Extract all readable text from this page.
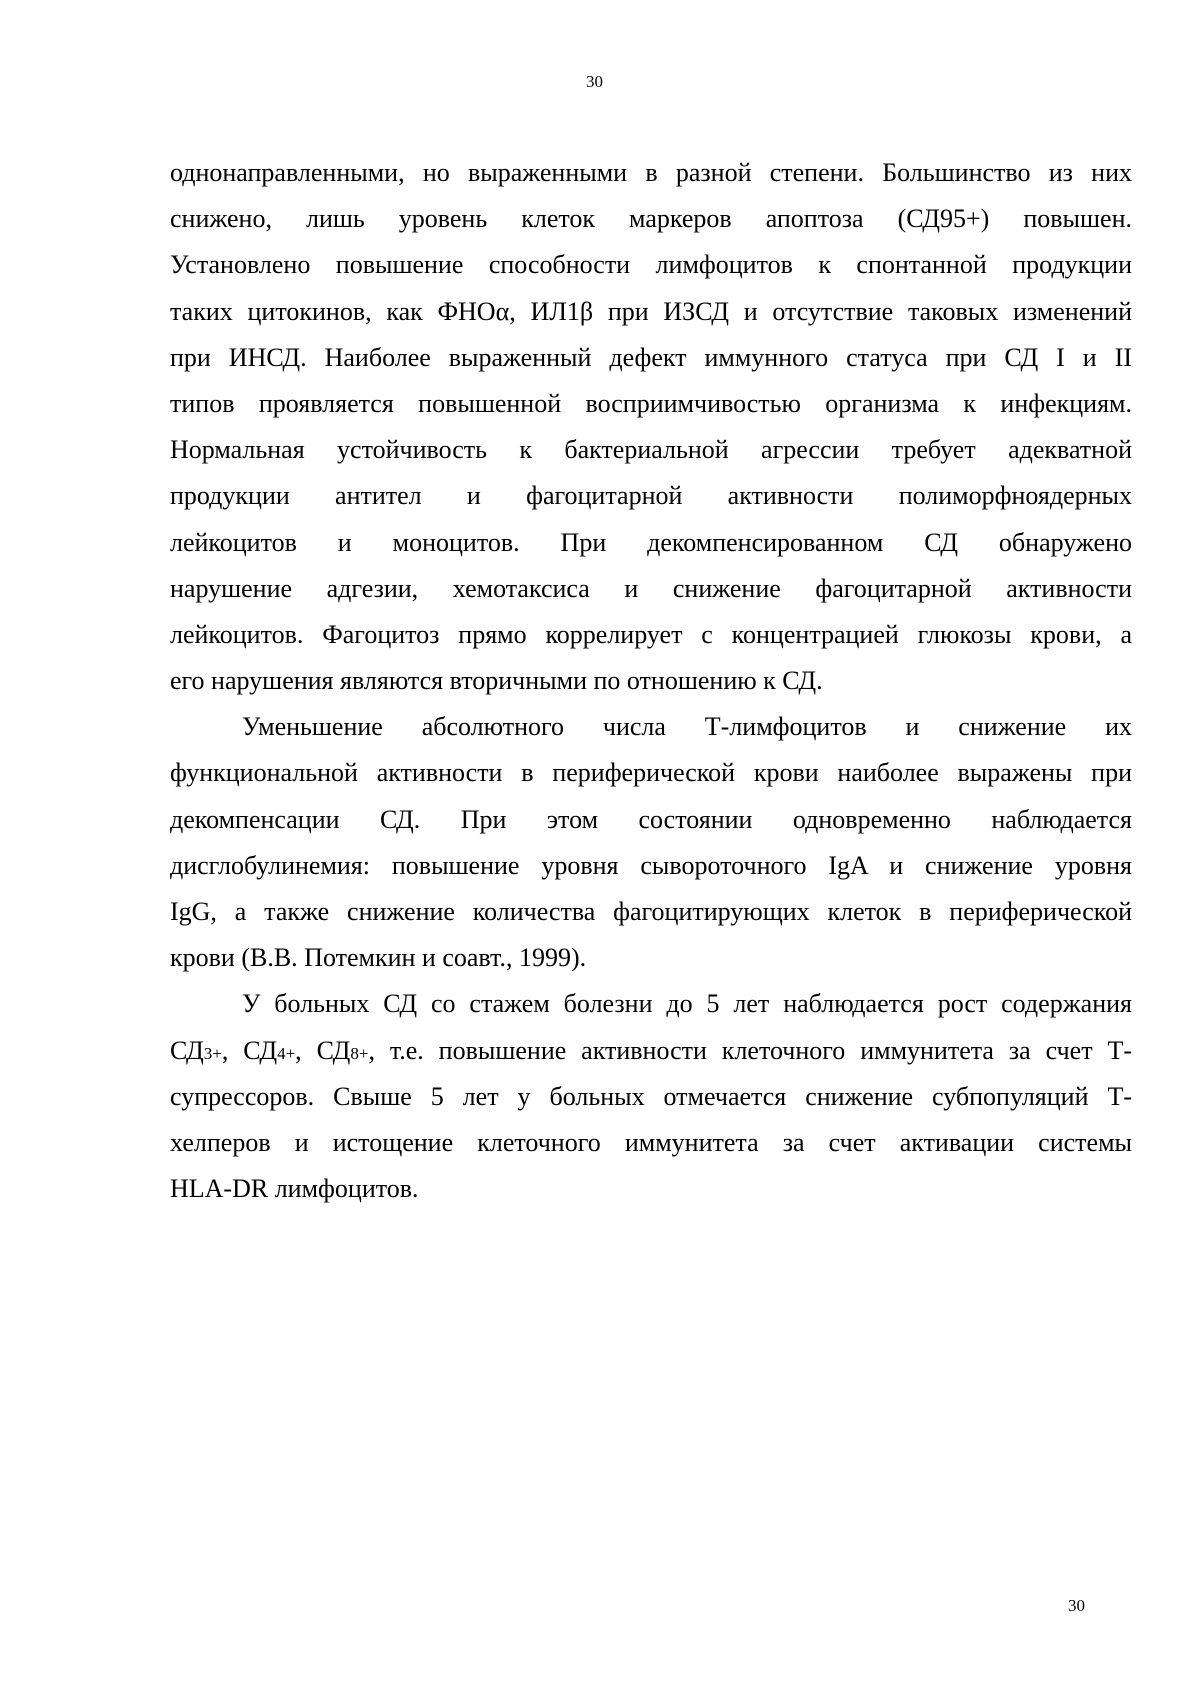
30
однонаправленными, но выраженными в разной степени. Большинство из них
снижено, лишь уровень клеток маркеров апоптоза (СД95+) повышен.
Установлено повышение способности лимфоцитов к спонтанной продукции
таких цитокинов, как ФНОα, ИЛ1β при ИЗСД и отсутствие таковых изменений
при ИНСД. Наиболее выраженный дефект иммунного статуса при СД I и II
типов проявляется повышенной восприимчивостью организма к инфекциям.
Нормальная устойчивость к бактериальной агрессии требует адекватной
продукции антител и фагоцитарной активности полиморфноядерных
лейкоцитов и моноцитов. При декомпенсированном СД обнаружено
нарушение адгезии, хемотаксиса и снижение фагоцитарной активности
лейкоцитов. Фагоцитоз прямо коррелирует с концентрацией глюкозы крови, а
его нарушения являются вторичными по отношению к СД.
Уменьшение абсолютного числа Т-лимфоцитов и снижение их
функциональной активности в периферической крови наиболее выражены при
декомпенсации СД. При этом состоянии одновременно наблюдается
дисглобулинемия: повышение уровня сывороточного IgA и снижение уровня
IgG, а также снижение количества фагоцитирующих клеток в периферической
крови (В.В. Потемкин и соавт., 1999).
У больных СД со стажем болезни до 5 лет наблюдается рост содержания
СД3+, СД4+, СД8+, т.е. повышение активности клеточного иммунитета за счет Т-
супрессоров. Свыше 5 лет у больных отмечается снижение субпопуляций Т-
хелперов и истощение клеточного иммунитета за счет активации системы
HLA-DR лимфоцитов.
30
